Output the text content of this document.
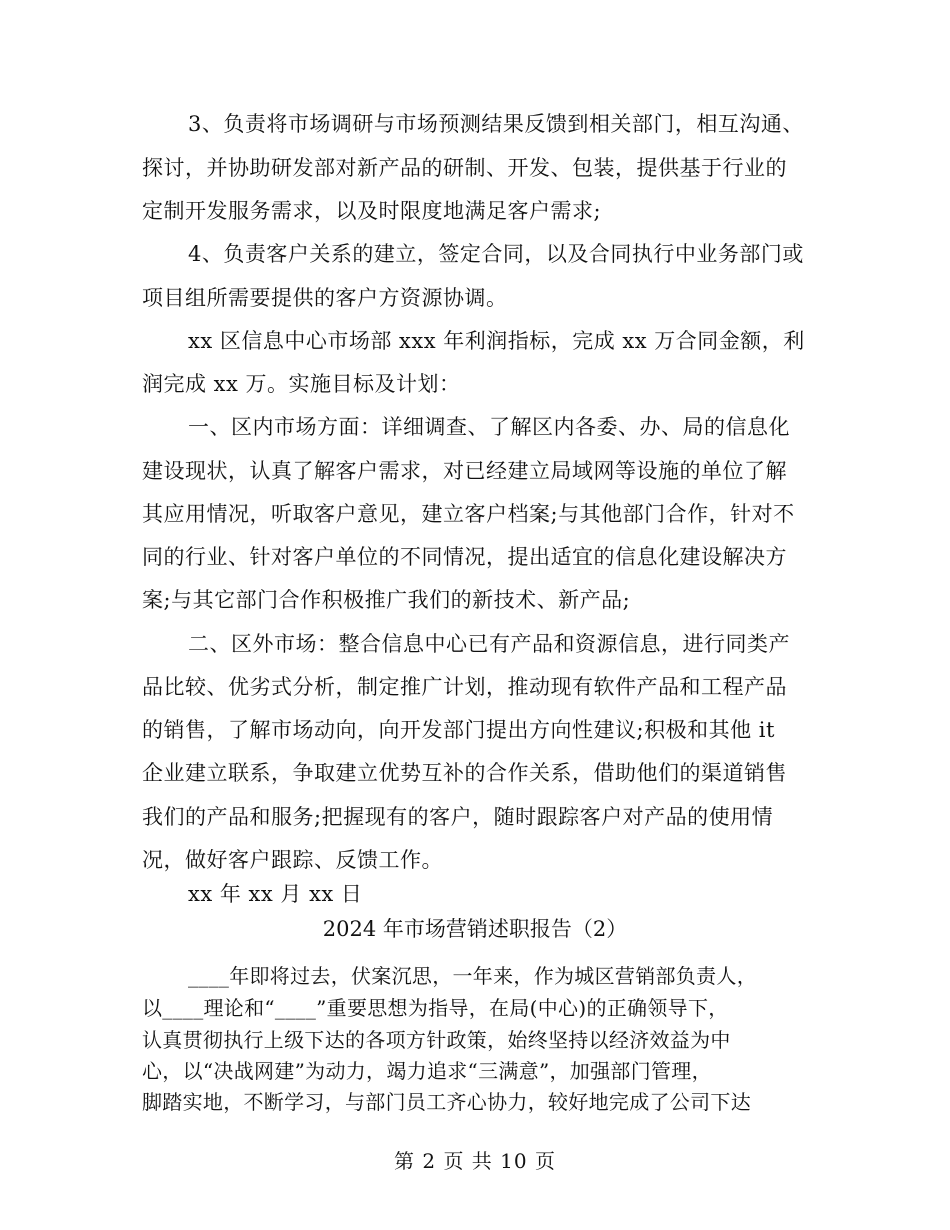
3、负责将市场调研与市场预测结果反馈到相关部门，相互沟通、
探讨，并协助研发部对新产品的研制、开发、包装，提供基于行业的
定制开发服务需求，以及时限度地满足客户需求;
4、负责客户关系的建立，签定合同，以及合同执行中业务部门或
项目组所需要提供的客户方资源协调。
xx 区信息中心市场部 xxx 年利润指标，完成 xx 万合同金额，利
润完成 xx 万。实施目标及计划：
一、区内市场方面：详细调查、了解区内各委、办、局的信息化
建设现状，认真了解客户需求，对已经建立局域网等设施的单位了解
其应用情况，听取客户意见，建立客户档案;与其他部门合作，针对不
同的行业、针对客户单位的不同情况，提出适宜的信息化建设解决方
案;与其它部门合作积极推广我们的新技术、新产品;
二、区外市场：整合信息中心已有产品和资源信息，进行同类产
品比较、优劣式分析，制定推广计划，推动现有软件产品和工程产品
的销售，了解市场动向，向开发部门提出方向性建议;积极和其他 it
企业建立联系，争取建立优势互补的合作关系，借助他们的渠道销售
我们的产品和服务;把握现有的客户，随时跟踪客户对产品的使用情
况，做好客户跟踪、反馈工作。
xx 年 xx 月 xx 日
2024 年市场营销述职报告（2）
____年即将过去，伏案沉思，一年来，作为城区营销部负责人，
以____理论和“____”重要思想为指导，在局(中心)的正确领导下，
认真贯彻执行上级下达的各项方针政策，始终坚持以经济效益为中
心，以“决战网建”为动力，竭力追求“三满意”，加强部门管理，
脚踏实地，不断学习，与部门员工齐心协力，较好地完成了公司下达
第 2 页 共 10 页
